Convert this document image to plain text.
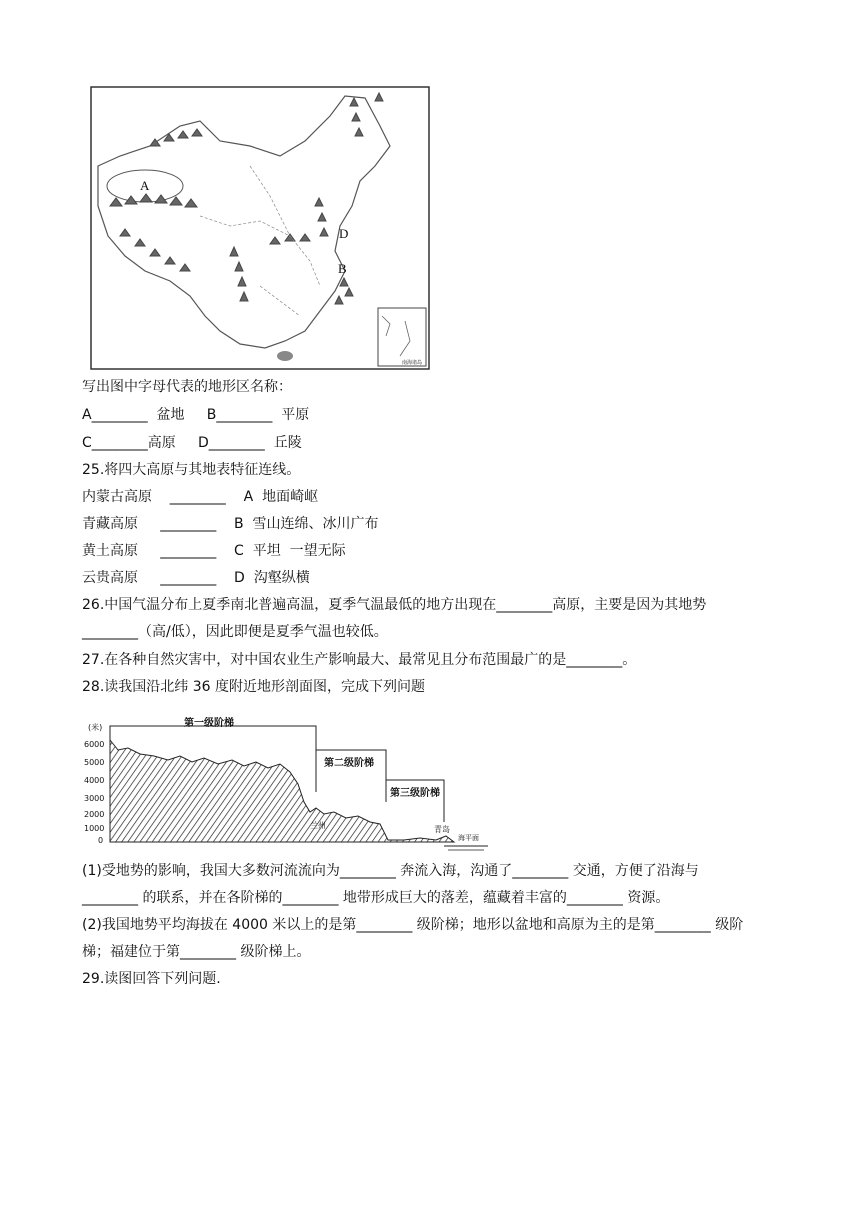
A
D
B
南海诸岛
写出图中字母代表的地形区名称：
A________  盆地     B________  平原
C________高原     D________  丘陵
25.将四大高原与其地表特征连线。
内蒙古高原    ________    A  地面崎岖
青藏高原     ________    B  雪山连绵、冰川广布
黄土高原     ________    C  平坦  一望无际
云贵高原     ________    D  沟壑纵横
26.中国气温分布上夏季南北普遍高温，夏季气温最低的地方出现在________高原，主要是因为其地势
________（高/低），因此即便是夏季气温也较低。
27.在各种自然灾害中，对中国农业生产影响最大、最常见且分布范围最广的是________。
28.读我国沿北纬 36 度附近地形剖面图，完成下列问题
(米)
6000
5000
4000
3000
2000
1000
0
第一级阶梯
第二级阶梯
第三级阶梯
兰州	青岛
海平面
(1)受地势的影响，我国大多数河流流向为________ 奔流入海，沟通了________ 交通，方便了沿海与
________ 的联系，并在各阶梯的________ 地带形成巨大的落差，蕴藏着丰富的________ 资源。
(2)我国地势平均海拔在 4000 米以上的是第________ 级阶梯；地形以盆地和高原为主的是第________ 级阶
梯；福建位于第________ 级阶梯上。
29.读图回答下列问题.
